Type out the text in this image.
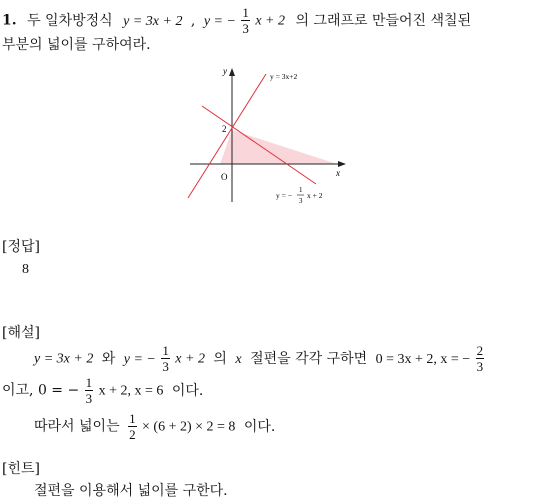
1. 두 일차방정식 y = 3x + 2 , y = − $\frac{1}{3}$ x + 2 의 그래프로 만들어진 색칠된
부분의 넓이를 구하여라.
y
x
O
2
y = 3x+2
y = −
1
3
x + 2
[정답]
8
[해설]
y = 3x + 2 와 y = − $\frac{1}{3}$ x + 2 의 x 절편을 각각 구하면 0 = 3x + 2, x = − $\frac{2}{3}$
이고, 0 = − $\frac{1}{3}$ x + 2, x = 6 이다.
따라서 넓이는 $\frac{1}{2} \times (6 + 2) \times 2 = 8$ 이다.
[힌트]
절편을 이용해서 넓이를 구한다.
